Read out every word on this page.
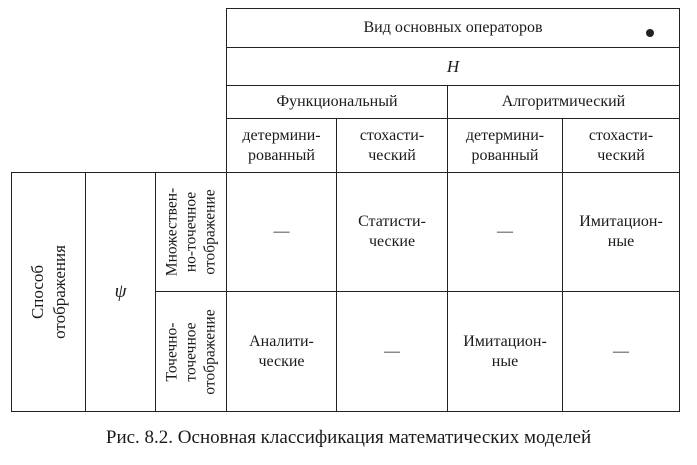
Вид основных операторов
H
Функциональный	Алгоритмический
детермини-
рованный
стохасти-
ческий
детермини-
рованный
стохасти-
ческий
Способ отображения ψ
Множествен-
но-точечное
отображение
Точечно-
точечное
отображение
—
Статисти-
ческие
—
Имитацион-
ные
Аналити-
ческие
—
Имитацион-
ные
—
Рис. 8.2. Основная классификация математических моделей
